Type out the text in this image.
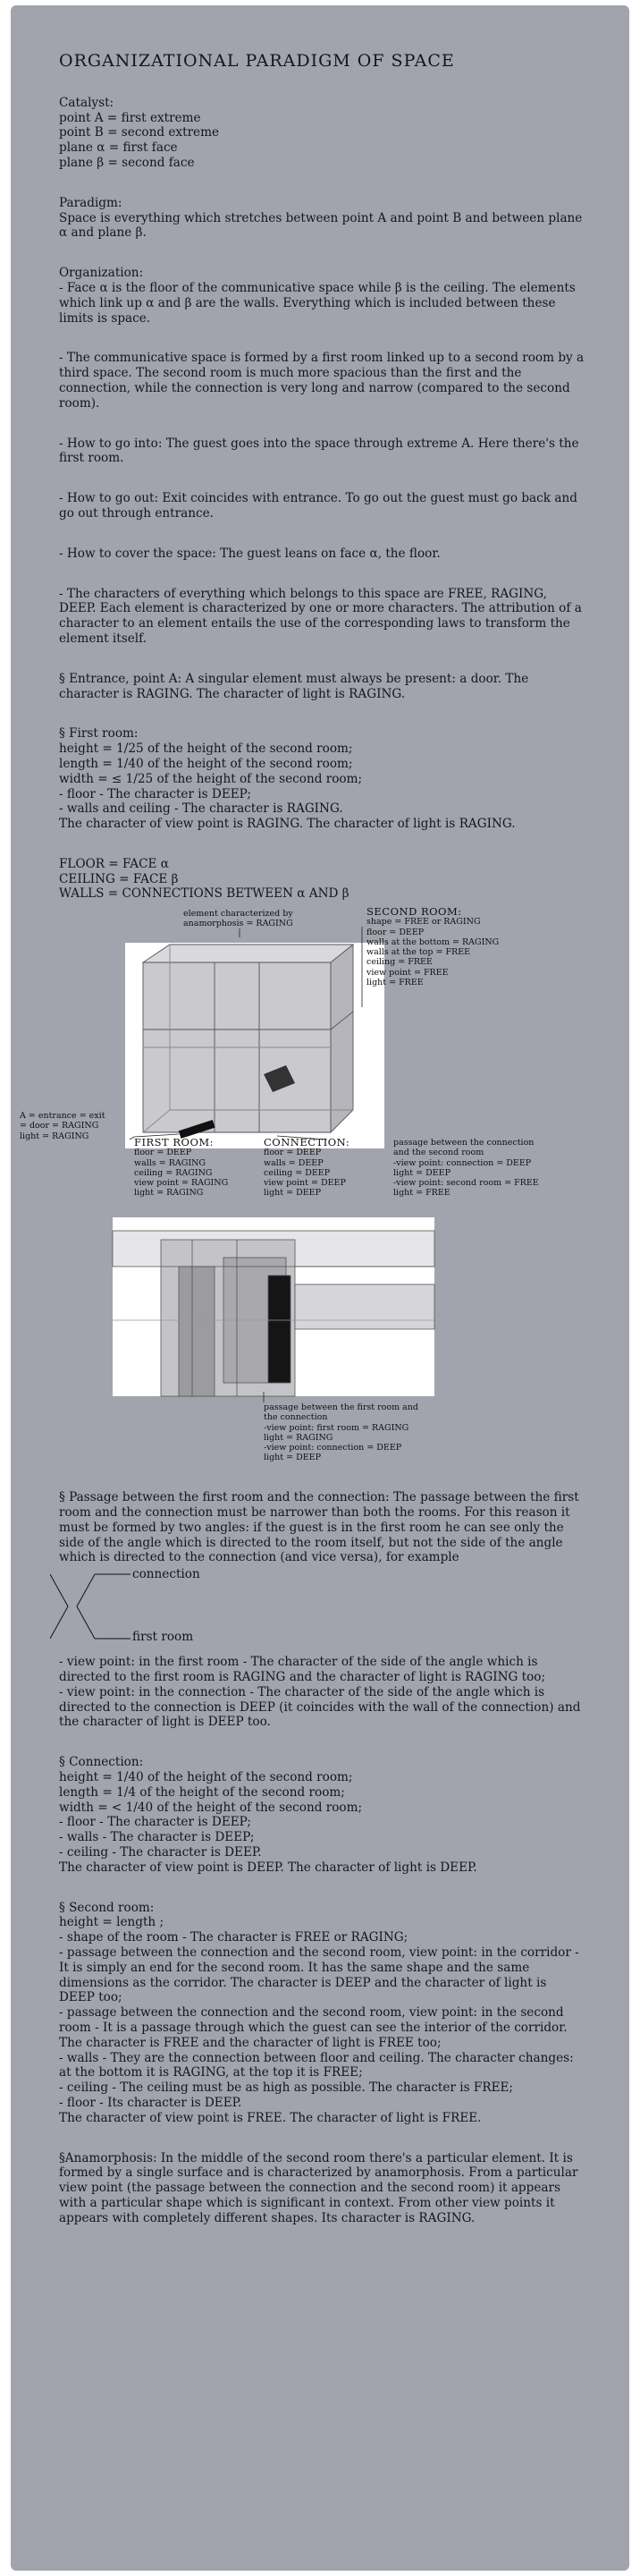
ORGANIZATIONAL PARADIGM OF SPACE
Catalyst:
point A = first extreme
point B = second extreme
plane α = first face
plane β = second face
Paradigm:
Space is everything which stretches between point A and point B and between plane α and plane β.
Organization:
- Face α is the floor of the communicative space while β is the ceiling. The elements which link up α and β are the walls. Everything which is included between these limits is space.
- The communicative space is formed by a first room linked up to a second room by a third space. The second room is much more spacious than the first and the connection, while the connection is very long and narrow (compared to the second room).
- How to go into: The guest goes into the space through extreme A. Here there's the first room.
- How to go out: Exit coincides with entrance. To go out the guest must go back and go out through entrance.
- How to cover the space: The guest leans on face α, the floor.
- The characters of everything which belongs to this space are FREE, RAGING, DEEP. Each element is characterized by one or more characters. The attribution of a character to an element entails the use of the corresponding laws to transform the element itself.
§ Entrance, point A: A singular element must always be present: a door. The character is RAGING. The character of light is RAGING.
§ First room:
height = 1/25 of the height of the second room;
length = 1/40 of the height of the second room;
width = ≤ 1/25 of the height of the second room;
- floor - The character is DEEP;
- walls and ceiling - The character is RAGING.
The character of view point is RAGING. The character of light is RAGING.
FLOOR = FACE α
CEILING = FACE β
WALLS = CONNECTIONS BETWEEN α AND β
element characterized by
anamorphosis = RAGING
SECOND ROOM:
shape = FREE or RAGING
floor = DEEP
walls at the bottom = RAGING
walls at the top = FREE
ceiling = FREE
view point = FREE
light = FREE
A = entrance = exit
= door = RAGING
light = RAGING
FIRST ROOM:
floor = DEEP
walls = RAGING
ceiling = RAGING
view point = RAGING
light = RAGING
CONNECTION:
floor = DEEP
walls = DEEP
ceiling = DEEP
view point = DEEP
light = DEEP
passage between the connection
and the second room
-view point: connection = DEEP
light = DEEP
-view point: second room = FREE
light = FREE
passage between the first room and
the connection
-view point: first room = RAGING
light = RAGING
-view point: connection = DEEP
light = DEEP
§ Passage between the first room and the connection: The passage between the first room and the connection must be narrower than both the rooms. For this reason it must be formed by two angles: if the guest is in the first room he can see only the side of the angle which is directed to the room itself, but not the side of the angle which is directed to the connection (and vice versa), for example
connection
first room
- view point: in the first room - The character of the side of the angle which is directed to the first room is RAGING and the character of light is RAGING too;
- view point: in the connection - The character of the side of the angle which is directed to the connection is DEEP (it coincides with the wall of the connection) and the character of light is DEEP too.
§ Connection:
height = 1/40 of the height of the second room;
length = 1/4 of the height of the second room;
width = < 1/40 of the height of the second room;
- floor - The character is DEEP;
- walls - The character is DEEP;
- ceiling - The character is DEEP.
The character of view point is DEEP. The character of light is DEEP.
§ Second room:
height = length ;
- shape of the room - The character is FREE or RAGING;
- passage between the connection and the second room, view point: in the corridor - It is simply an end for the second room. It has the same shape and the same dimensions as the corridor. The character is DEEP and the character of light is DEEP too;
- passage between the connection and the second room, view point: in the second room - It is a passage through which the guest can see the interior of the corridor. The character is FREE and the character of light is FREE too;
- walls - They are the connection between floor and ceiling. The character changes: at the bottom it is RAGING, at the top it is FREE;
- ceiling - The ceiling must be as high as possible. The character is FREE;
- floor - Its character is DEEP.
The character of view point is FREE. The character of light is FREE.
§Anamorphosis: In the middle of the second room there's a particular element. It is formed by a single surface and is characterized by anamorphosis. From a particular view point (the passage between the connection and the second room) it appears with a particular shape which is significant in context. From other view points it appears with completely different shapes. Its character is RAGING.
